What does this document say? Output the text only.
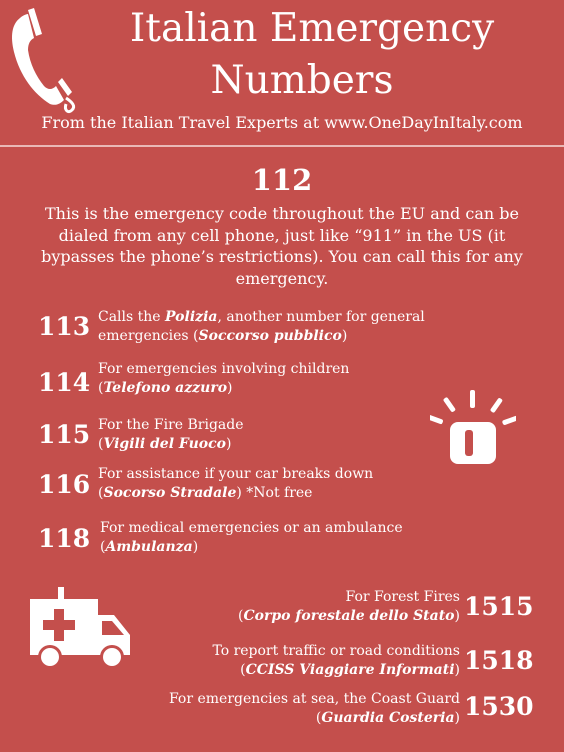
Italian Emergency
Numbers
From the Italian Travel Experts at www.OneDayInItaly.com
112
This is the emergency code throughout the EU and can be dialed from any cell phone, just like “911” in the US (it bypasses the phone’s restrictions). You can call this for any emergency.
113 Calls the Polizia, another number for general
emergencies (Soccorso pubblico)
114 For emergencies involving children
(Telefono azzuro)
115 For the Fire Brigade
(Vigili del Fuoco)
116 For assistance if your car breaks down
(Socorso Stradale) *Not free
118 For medical emergencies or an ambulance
(Ambulanza)
For Forest Fires
(Corpo forestale dello Stato) 1515
To report traffic or road conditions
(CCISS Viaggiare Informati) 1518
For emergencies at sea, the Coast Guard
(Guardia Costeria) 1530
